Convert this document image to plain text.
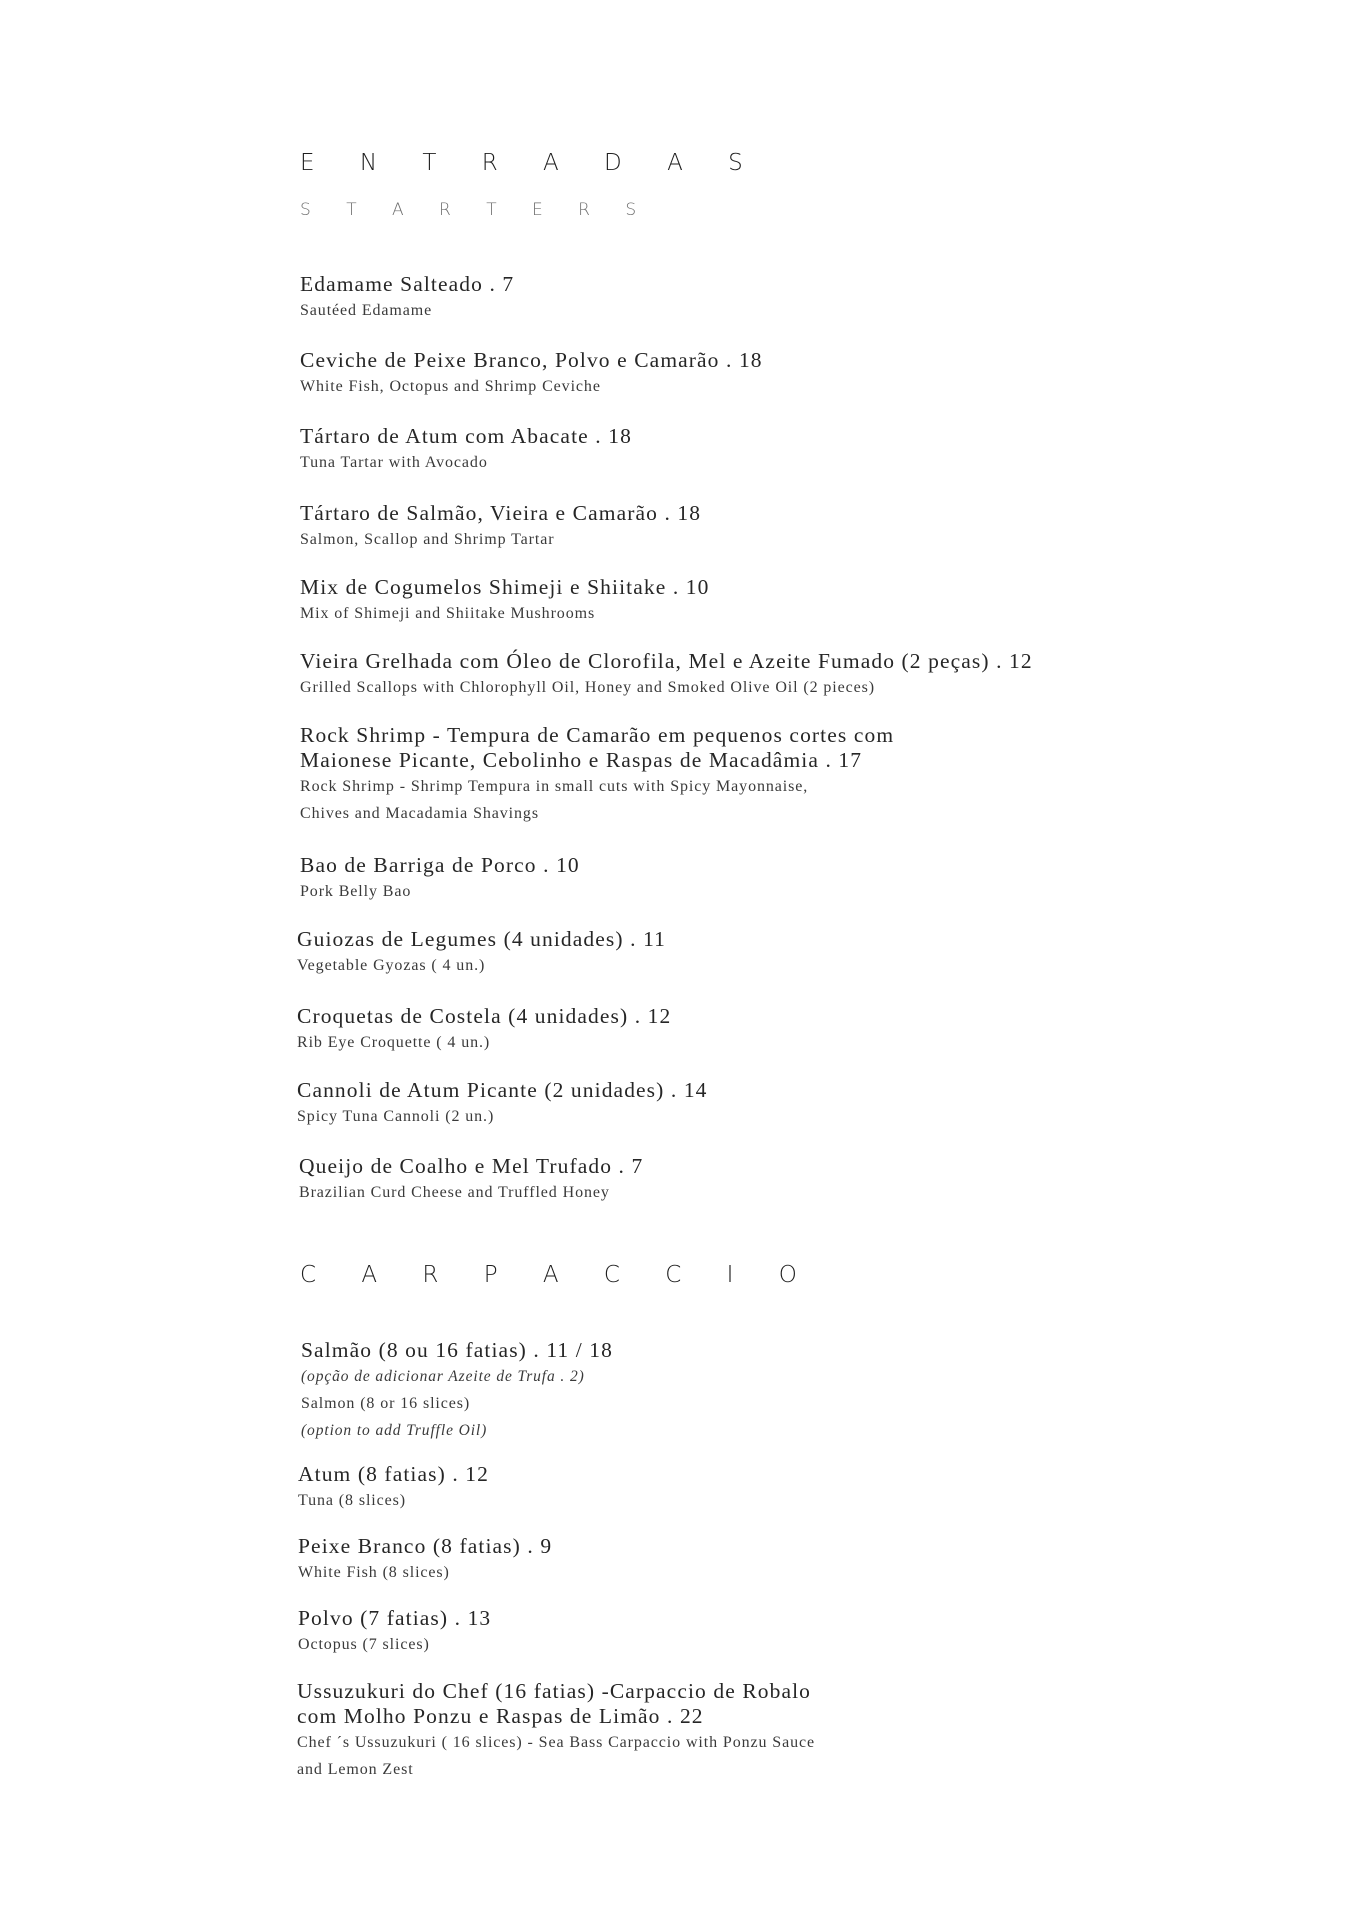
E N T R A D A S
S T A R T E R S
Edamame Salteado . 7
Sautéed Edamame
Ceviche de Peixe Branco, Polvo e Camarão . 18
White Fish, Octopus and Shrimp Ceviche
Tártaro de Atum com Abacate . 18
Tuna Tartar with Avocado
Tártaro de Salmão, Vieira e Camarão . 18
Salmon, Scallop and Shrimp Tartar
Mix de Cogumelos Shimeji e Shiitake . 10
Mix of Shimeji and Shiitake Mushrooms
Vieira Grelhada com Óleo de Clorofila, Mel e Azeite Fumado (2 peças) . 12
Grilled Scallops with Chlorophyll Oil, Honey and Smoked Olive Oil (2 pieces)
Rock Shrimp - Tempura de Camarão em pequenos cortes com
Maionese Picante, Cebolinho e Raspas de Macadâmia . 17
Rock Shrimp - Shrimp Tempura in small cuts with Spicy Mayonnaise,
Chives and Macadamia Shavings
Bao de Barriga de Porco . 10
Pork Belly Bao
Guiozas de Legumes (4 unidades) . 11
Vegetable Gyozas ( 4 un.)
Croquetas de Costela (4 unidades) . 12
Rib Eye Croquette ( 4 un.)
Cannoli de Atum Picante (2 unidades) . 14
Spicy Tuna Cannoli (2 un.)
Queijo de Coalho e Mel Trufado . 7
Brazilian Curd Cheese and Truffled Honey
C A R P A C C I O
Salmão (8 ou 16 fatias) . 11 / 18
(opção de adicionar Azeite de Trufa . 2)
Salmon (8 or 16 slices)
(option to add Truffle Oil)
Atum (8 fatias) . 12
Tuna (8 slices)
Peixe Branco (8 fatias) . 9
White Fish (8 slices)
Polvo (7 fatias) . 13
Octopus (7 slices)
Ussuzukuri do Chef (16 fatias) -Carpaccio de Robalo
com Molho Ponzu e Raspas de Limão . 22
Chef ´s Ussuzukuri ( 16 slices) - Sea Bass Carpaccio with Ponzu Sauce
and Lemon Zest
